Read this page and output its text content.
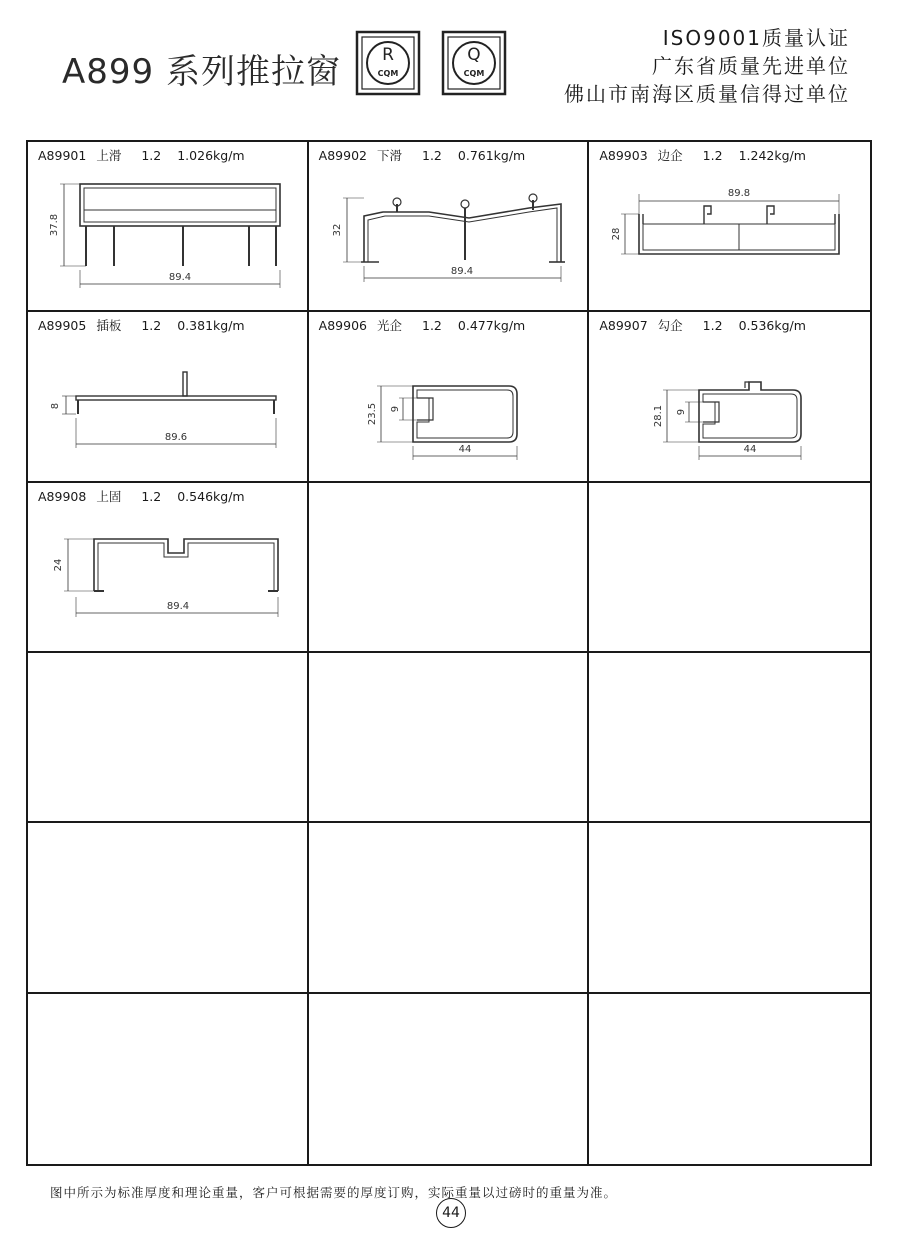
A899 系列推拉窗 R
CQM
Q
CQM
ISO9001质量认证
广东省质量先进单位
佛山市南海区质量信得过单位
A89901 上滑 1.2 1.026kg/m
37.8
89.4
A89902 下滑 1.2 0.761kg/m
32
89.4
A89903 边企 1.2 1.242kg/m
89.8
28
A89905 插板 1.2 0.381kg/m
8
89.6
A89906 光企 1.2 0.477kg/m
23.5 9
44
A89907 勾企 1.2 0.536kg/m
28.1 9
44
A89908 上固 1.2 0.546kg/m
24
89.4
图中所示为标准厚度和理论重量，客户可根据需要的厚度订购，实际重量以过磅时的重量为准。
44
